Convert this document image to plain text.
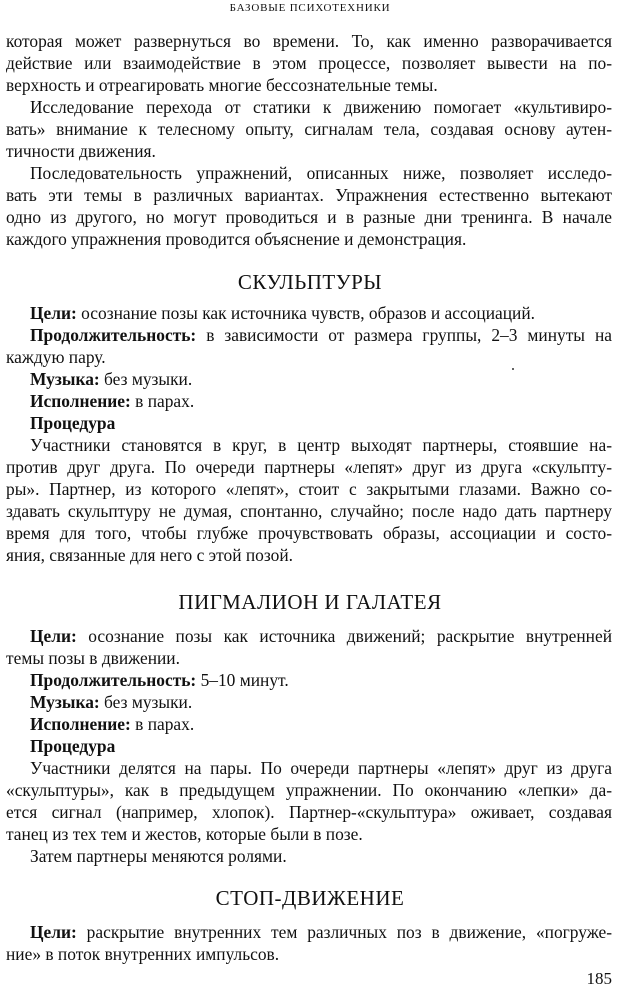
БАЗОВЫЕ ПСИХОТЕХНИКИ
которая может развернуться во времени. То, как именно разворачивается
действие или взаимодействие в этом процессе, позволяет вывести на по-
верхность и отреагировать многие бессознательные темы.
Исследование перехода от статики к движению помогает «культивиро-
вать» внимание к телесному опыту, сигналам тела, создавая основу аутен-
тичности движения.
Последовательность упражнений, описанных ниже, позволяет исследо-
вать эти темы в различных вариантах. Упражнения естественно вытекают
одно из другого, но могут проводиться и в разные дни тренинга. В начале
каждого упражнения проводится объяснение и демонстрация.
СКУЛЬПТУРЫ
Цели: осознание позы как источника чувств, образов и ассоциаций.
Продолжительность: в зависимости от размера группы, 2–3 минуты на
каждую пару.
Музыка: без музыки.
Исполнение: в парах.
Процедура
Участники становятся в круг, в центр выходят партнеры, стоявшие на-
против друг друга. По очереди партнеры «лепят» друг из друга «скульпту-
ры». Партнер, из которого «лепят», стоит с закрытыми глазами. Важно со-
здавать скульптуру не думая, спонтанно, случайно; после надо дать партнеру
время для того, чтобы глубже прочувствовать образы, ассоциации и состо-
яния, связанные для него с этой позой.
ПИГМАЛИОН И ГАЛАТЕЯ
Цели: осознание позы как источника движений; раскрытие внутренней
темы позы в движении.
Продолжительность: 5–10 минут.
Музыка: без музыки.
Исполнение: в парах.
Процедура
Участники делятся на пары. По очереди партнеры «лепят» друг из друга
«скульптуры», как в предыдущем упражнении. По окончанию «лепки» да-
ется сигнал (например, хлопок). Партнер-«скульптура» оживает, создавая
танец из тех тем и жестов, которые были в позе.
Затем партнеры меняются ролями.
СТОП-ДВИЖЕНИЕ
Цели: раскрытие внутренних тем различных поз в движение, «погруже-
ние» в поток внутренних импульсов.
185
